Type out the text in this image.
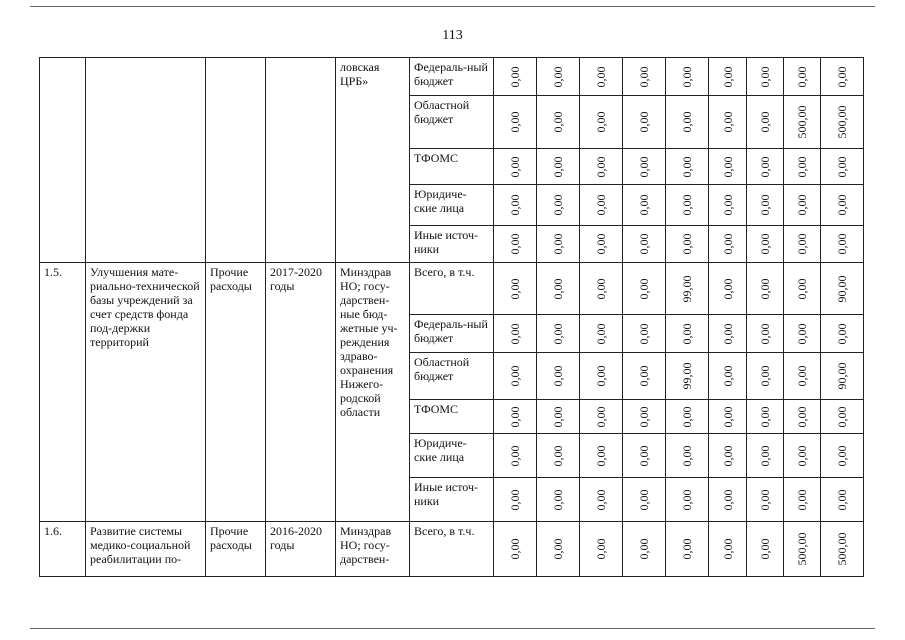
113
				ловская ЦРБ»	Федераль-ный бюджет	0,00	0,00	0,00	0,00	0,00	0,00	0,00	0,00	0,00

					Областной бюджет	0,00	0,00	0,00	0,00	0,00	0,00	0,00	500,00	500,00

					ТФОМС	0,00	0,00	0,00	0,00	0,00	0,00	0,00	0,00	0,00

					Юридиче-ские лица	0,00	0,00	0,00	0,00	0,00	0,00	0,00	0,00	0,00

					Иные источ-ники	0,00	0,00	0,00	0,00	0,00	0,00	0,00	0,00	0,00

1.5.	Улучшения мате-риально-технической базы учреждений за счет средств фонда под-держки территорий	Прочие расходы	2017-2020 годы	Минздрав НО; госу-дарствен-ные бюд-жетные уч-реждения здраво-охранения Нижего-родской области	Всего, в т.ч.	0,00	0,00	0,00	0,00	99,00	0,00	0,00	0,00	90,00

					Федераль-ный бюджет	0,00	0,00	0,00	0,00	0,00	0,00	0,00	0,00	0,00

					Областной бюджет	0,00	0,00	0,00	0,00	99,00	0,00	0,00	0,00	90,00

					ТФОМС	0,00	0,00	0,00	0,00	0,00	0,00	0,00	0,00	0,00

					Юридиче-ские лица	0,00	0,00	0,00	0,00	0,00	0,00	0,00	0,00	0,00

					Иные источ-ники	0,00	0,00	0,00	0,00	0,00	0,00	0,00	0,00	0,00

1.6.	Развитие системы медико-социальной реабилитации по-	Прочие расходы	2016-2020 годы	Минздрав НО; госу-дарствен-	Всего, в т.ч.	0,00	0,00	0,00	0,00	0,00	0,00	0,00	500,00	500,00
